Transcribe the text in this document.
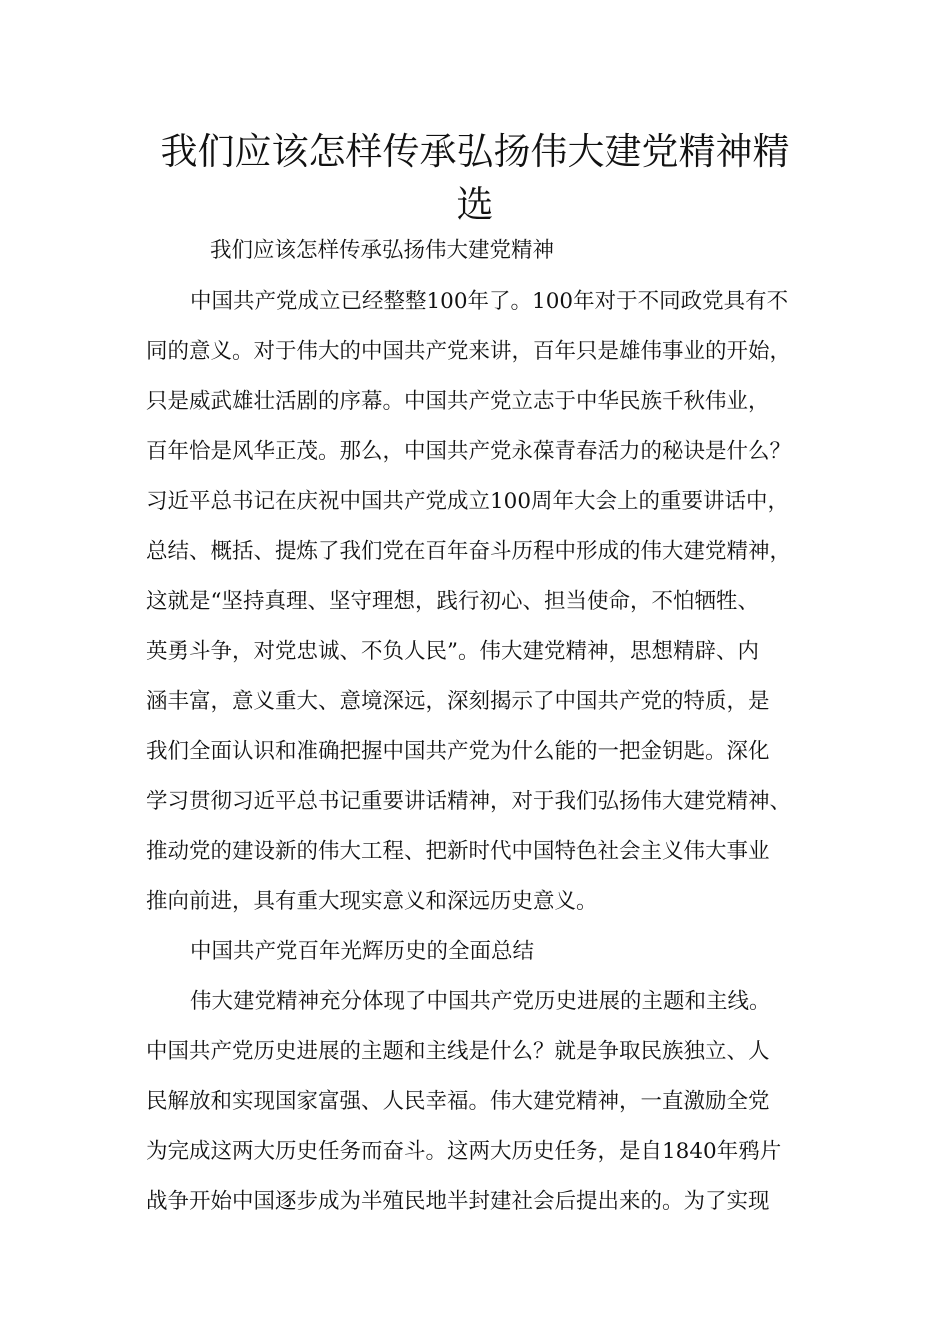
我们应该怎样传承弘扬伟大建党精神精
选

我们应该怎样传承弘扬伟大建党精神

中国共产党成立已经整整100年了。100年对于不同政党具有不

同的意义。对于伟大的中国共产党来讲，百年只是雄伟事业的开始，

只是威武雄壮活剧的序幕。中国共产党立志于中华民族千秋伟业，

百年恰是风华正茂。那么，中国共产党永葆青春活力的秘诀是什么？

习近平总书记在庆祝中国共产党成立100周年大会上的重要讲话中，

总结、概括、提炼了我们党在百年奋斗历程中形成的伟大建党精神，

这就是“坚持真理、坚守理想，践行初心、担当使命，不怕牺牲、

英勇斗争，对党忠诚、不负人民”。伟大建党精神，思想精辟、内

涵丰富，意义重大、意境深远，深刻揭示了中国共产党的特质，是

我们全面认识和准确把握中国共产党为什么能的一把金钥匙。深化

学习贯彻习近平总书记重要讲话精神，对于我们弘扬伟大建党精神、

推动党的建设新的伟大工程、把新时代中国特色社会主义伟大事业

推向前进，具有重大现实意义和深远历史意义。

中国共产党百年光辉历史的全面总结

伟大建党精神充分体现了中国共产党历史进展的主题和主线。

中国共产党历史进展的主题和主线是什么？就是争取民族独立、人

民解放和实现国家富强、人民幸福。伟大建党精神，一直激励全党

为完成这两大历史任务而奋斗。这两大历史任务，是自1840年鸦片

战争开始中国逐步成为半殖民地半封建社会后提出来的。为了实现
